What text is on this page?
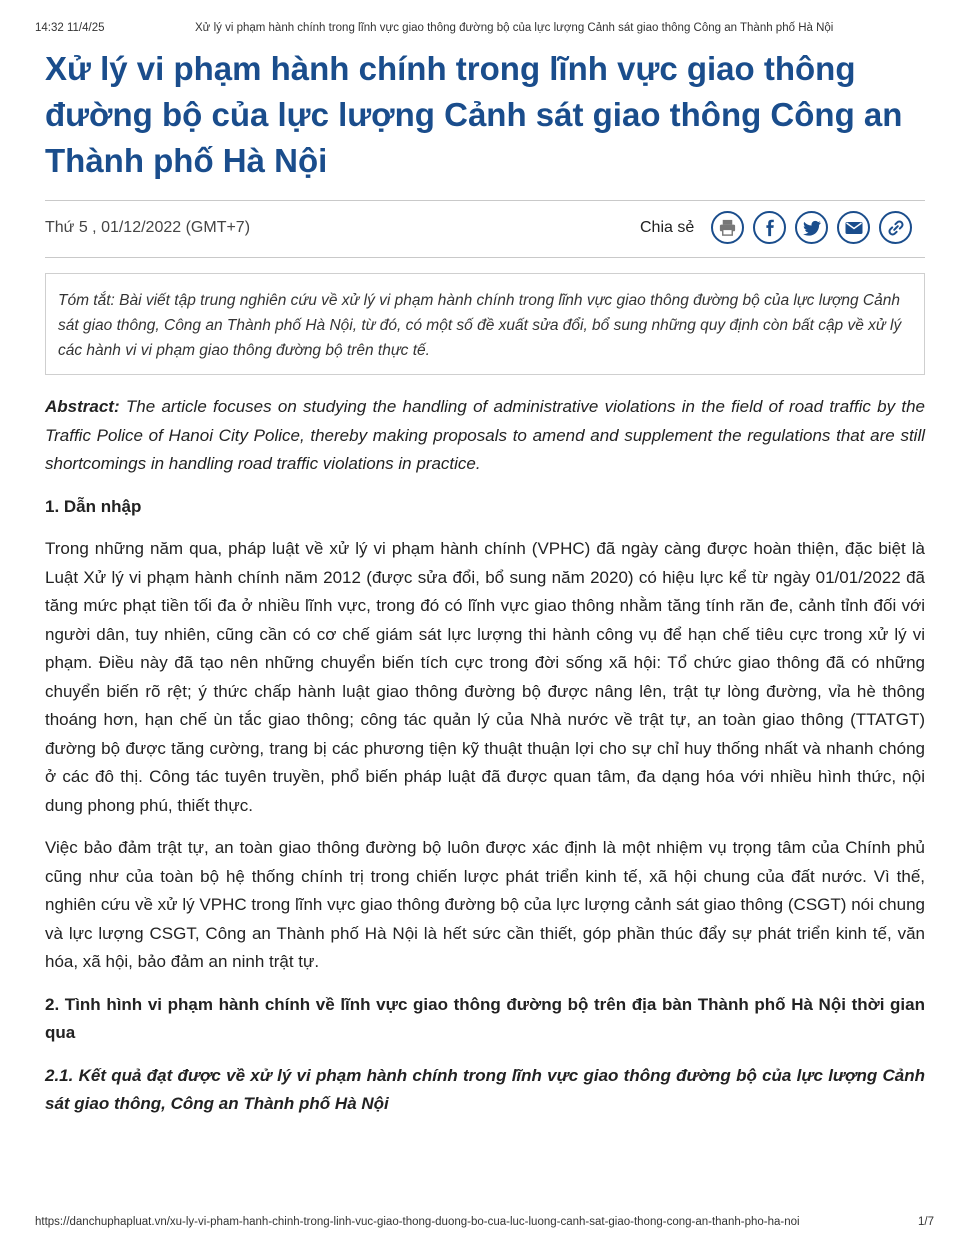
14:32 11/4/25	Xử lý vi phạm hành chính trong lĩnh vực giao thông đường bộ của lực lượng Cảnh sát giao thông Công an Thành phố Hà Nội
Xử lý vi phạm hành chính trong lĩnh vực giao thông đường bộ của lực lượng Cảnh sát giao thông Công an Thành phố Hà Nội
Thứ 5 , 01/12/2022 (GMT+7)	Chia sẻ
Tóm tắt: Bài viết tập trung nghiên cứu về xử lý vi phạm hành chính trong lĩnh vực giao thông đường bộ của lực lượng Cảnh sát giao thông, Công an Thành phố Hà Nội, từ đó, có một số đề xuất sửa đổi, bổ sung những quy định còn bất cập về xử lý các hành vi vi phạm giao thông đường bộ trên thực tế.

Abstract: The article focuses on studying the handling of administrative violations in the field of road traffic by the Traffic Police of Hanoi City Police, thereby making proposals to amend and supplement the regulations that are still shortcomings in handling road traffic violations in practice.

1. Dẫn nhập

Trong những năm qua, pháp luật về xử lý vi phạm hành chính (VPHC) đã ngày càng được hoàn thiện, đặc biệt là Luật Xử lý vi phạm hành chính năm 2012 (được sửa đổi, bổ sung năm 2020) có hiệu lực kể từ ngày 01/01/2022 đã tăng mức phạt tiền tối đa ở nhiều lĩnh vực, trong đó có lĩnh vực giao thông nhằm tăng tính răn đe, cảnh tỉnh đối với người dân, tuy nhiên, cũng cần có cơ chế giám sát lực lượng thi hành công vụ để hạn chế tiêu cực trong xử lý vi phạm. Điều này đã tạo nên những chuyển biến tích cực trong đời sống xã hội: Tổ chức giao thông đã có những chuyển biến rõ rệt; ý thức chấp hành luật giao thông đường bộ được nâng lên, trật tự lòng đường, vỉa hè thông thoáng hơn, hạn chế ùn tắc giao thông; công tác quản lý của Nhà nước về trật tự, an toàn giao thông (TTATGT) đường bộ được tăng cường, trang bị các phương tiện kỹ thuật thuận lợi cho sự chỉ huy thống nhất và nhanh chóng ở các đô thị. Công tác tuyên truyền, phổ biến pháp luật đã được quan tâm, đa dạng hóa với nhiều hình thức, nội dung phong phú, thiết thực.

Việc bảo đảm trật tự, an toàn giao thông đường bộ luôn được xác định là một nhiệm vụ trọng tâm của Chính phủ cũng như của toàn bộ hệ thống chính trị trong chiến lược phát triển kinh tế, xã hội chung của đất nước. Vì thế, nghiên cứu về xử lý VPHC trong lĩnh vực giao thông đường bộ của lực lượng cảnh sát giao thông (CSGT) nói chung và lực lượng CSGT, Công an Thành phố Hà Nội là hết sức cần thiết, góp phần thúc đẩy sự phát triển kinh tế, văn hóa, xã hội, bảo đảm an ninh trật tự.

2. Tình hình vi phạm hành chính về lĩnh vực giao thông đường bộ trên địa bàn Thành phố Hà Nội thời gian qua

2.1. Kết quả đạt được về xử lý vi phạm hành chính trong lĩnh vực giao thông đường bộ của lực lượng Cảnh sát giao thông, Công an Thành phố Hà Nội

https://danchuphapluat.vn/xu-ly-vi-pham-hanh-chinh-trong-linh-vuc-giao-thong-duong-bo-cua-luc-luong-canh-sat-giao-thong-cong-an-thanh-pho-ha-noi	1/7
